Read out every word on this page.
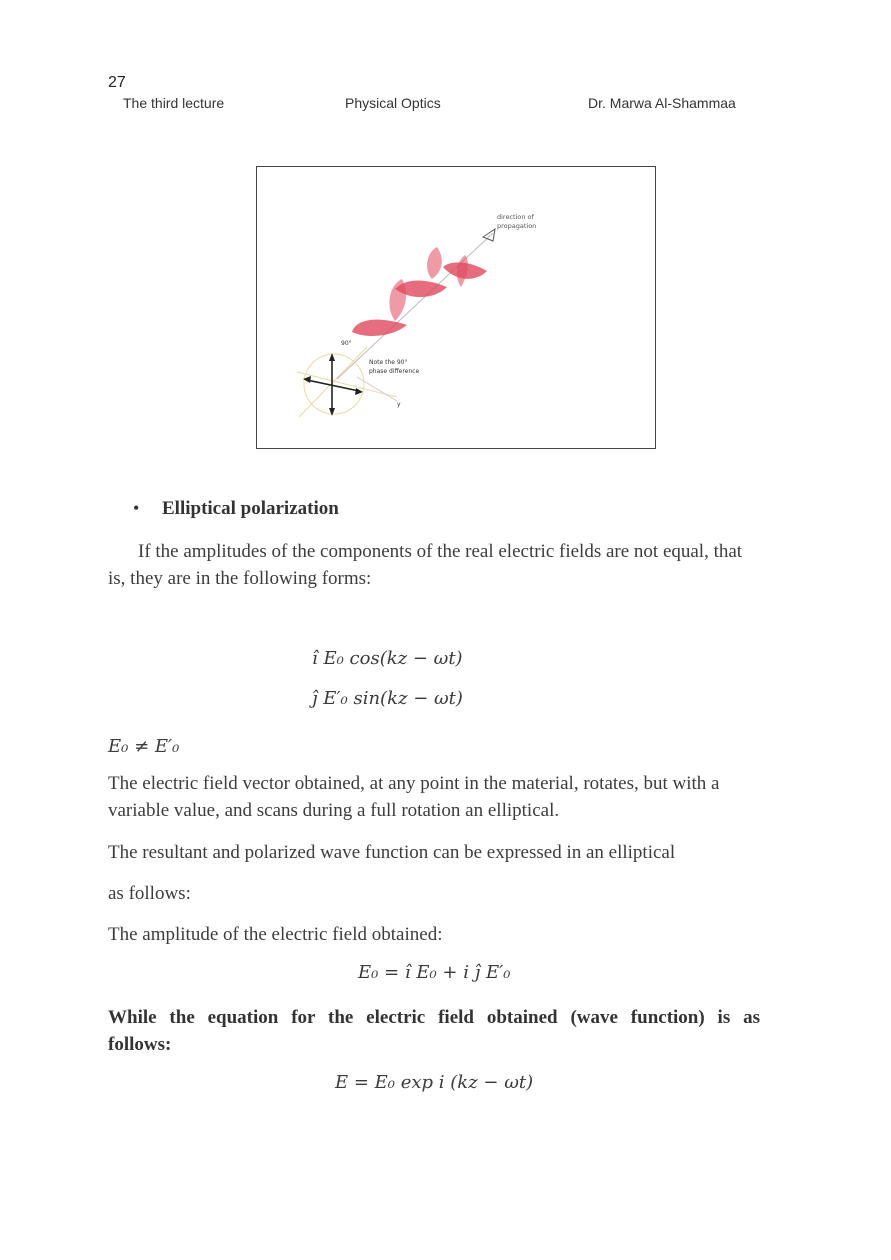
27
The third lecture	Physical Optics	Dr. Marwa Al-Shammaa
direction of
propagation
90°
Note the 90°
phase difference
y
• Elliptical polarization
If the amplitudes of the components of the real electric fields are not equal, that is, they are in the following forms:
ı̂ E₀ cos(kz − ωt)
ȷ̂ E′₀ sin(kz − ωt)
E₀ ≠ E′₀
The electric field vector obtained, at any point in the material, rotates, but with a variable value, and scans during a full rotation an elliptical.
The resultant and polarized wave function can be expressed in an elliptical
as follows:
The amplitude of the electric field obtained:
E₀ = ı̂ E₀ + i ȷ̂ E′₀
While the equation for the electric field obtained (wave function) is as follows:
E = E₀ exp i (kz − ωt)
